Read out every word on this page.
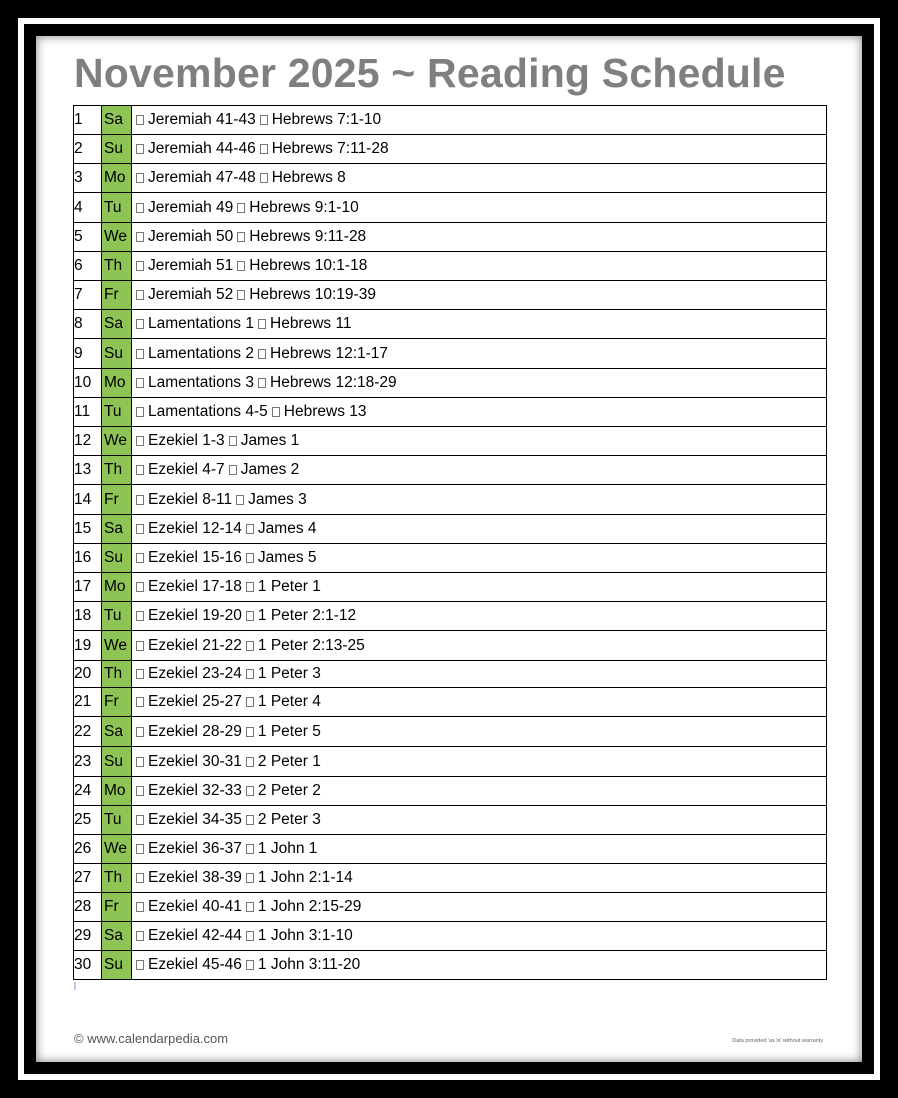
November 2025 ~ Reading Schedule
1	Sa	Jeremiah 41-43 Hebrews 7:1-10
2	Su	Jeremiah 44-46 Hebrews 7:11-28
3	Mo	Jeremiah 47-48 Hebrews 8
4	Tu	Jeremiah 49 Hebrews 9:1-10
5	We	Jeremiah 50 Hebrews 9:11-28
6	Th	Jeremiah 51 Hebrews 10:1-18
7	Fr	Jeremiah 52 Hebrews 10:19-39
8	Sa	Lamentations 1 Hebrews 11
9	Su	Lamentations 2 Hebrews 12:1-17
10	Mo	Lamentations 3 Hebrews 12:18-29
11	Tu	Lamentations 4-5 Hebrews 13
12	We	Ezekiel 1-3 James 1
13	Th	Ezekiel 4-7 James 2
14	Fr	Ezekiel 8-11 James 3
15	Sa	Ezekiel 12-14 James 4
16	Su	Ezekiel 15-16 James 5
17	Mo	Ezekiel 17-18 1 Peter 1
18	Tu	Ezekiel 19-20 1 Peter 2:1-12
19	We	Ezekiel 21-22 1 Peter 2:13-25
20	Th	Ezekiel 23-24 1 Peter 3
21	Fr	Ezekiel 25-27 1 Peter 4
22	Sa	Ezekiel 28-29 1 Peter 5
23	Su	Ezekiel 30-31 2 Peter 1
24	Mo	Ezekiel 32-33 2 Peter 2
25	Tu	Ezekiel 34-35 2 Peter 3
26	We	Ezekiel 36-37 1 John 1
27	Th	Ezekiel 38-39 1 John 2:1-14
28	Fr	Ezekiel 40-41 1 John 2:15-29
29	Sa	Ezekiel 42-44 1 John 3:1-10
30	Su	Ezekiel 45-46 1 John 3:11-20
© www.calendarpedia.com	Data provided 'as is' without warranty
